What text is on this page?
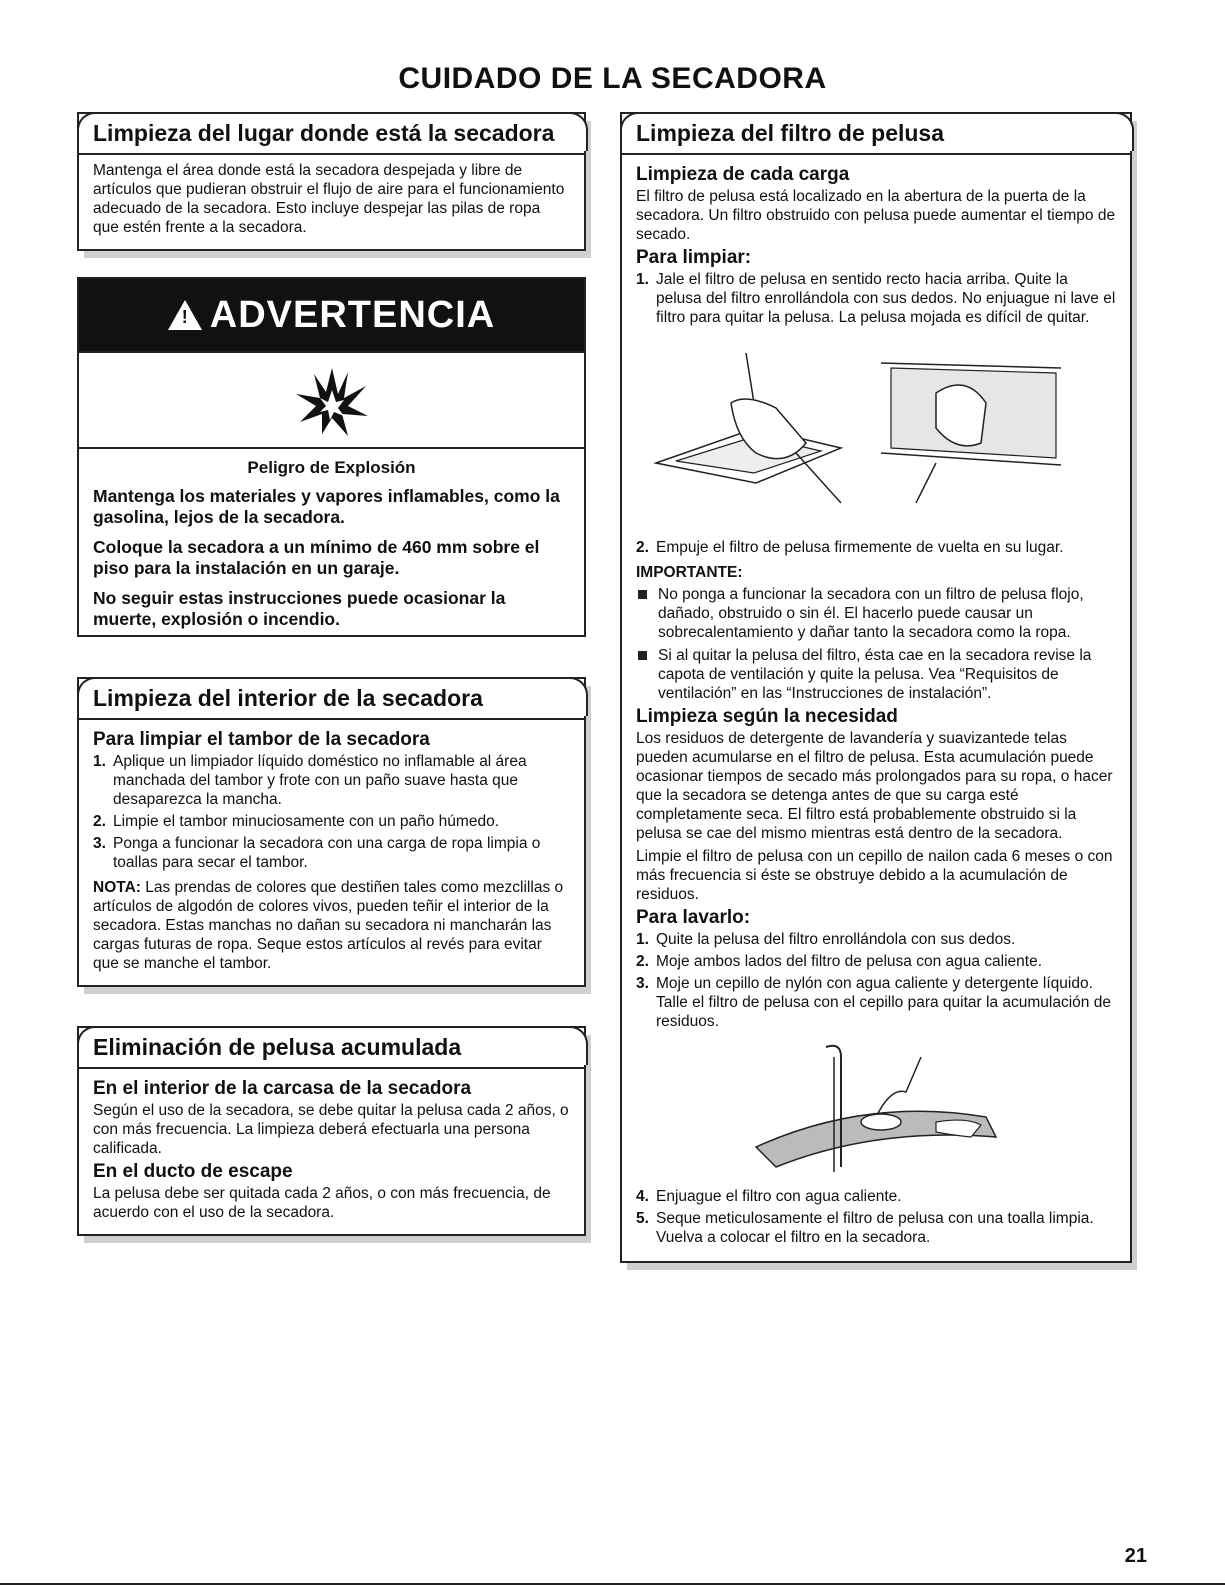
CUIDADO DE LA SECADORA
Limpieza del lugar donde está la secadora

Mantenga el área donde está la secadora despejada y libre de artículos que pudieran obstruir el flujo de aire para el funcionamiento adecuado de la secadora. Esto incluye despejar las pilas de ropa que estén frente a la secadora.

! ADVERTENCIA
Peligro de Explosión

Mantenga los materiales y vapores inflamables, como la gasolina, lejos de la secadora.

Coloque la secadora a un mínimo de 460 mm sobre el piso para la instalación en un garaje.

No seguir estas instrucciones puede ocasionar la muerte, explosión o incendio.

Limpieza del interior de la secadora
Para limpiar el tambor de la secadora
1. Aplique un limpiador líquido doméstico no inflamable al área manchada del tambor y frote con un paño suave hasta que desaparezca la mancha.
2. Limpie el tambor minuciosamente con un paño húmedo.
3. Ponga a funcionar la secadora con una carga de ropa limpia o toallas para secar el tambor.

NOTA: Las prendas de colores que destiñen tales como mezclillas o artículos de algodón de colores vivos, pueden teñir el interior de la secadora. Estas manchas no dañan su secadora ni mancharán las cargas futuras de ropa. Seque estos artículos al revés para evitar que se manche el tambor.

Eliminación de pelusa acumulada
En el interior de la carcasa de la secadora

Según el uso de la secadora, se debe quitar la pelusa cada 2 años, o con más frecuencia. La limpieza deberá efectuarla una persona calificada.

En el ducto de escape

La pelusa debe ser quitada cada 2 años, o con más frecuencia, de acuerdo con el uso de la secadora.

Limpieza del filtro de pelusa
Limpieza de cada carga

El filtro de pelusa está localizado en la abertura de la puerta de la secadora. Un filtro obstruido con pelusa puede aumentar el tiempo de secado.

Para limpiar:
1. Jale el filtro de pelusa en sentido recto hacia arriba. Quite la pelusa del filtro enrollándola con sus dedos. No enjuague ni lave el filtro para quitar la pelusa. La pelusa mojada es difícil de quitar.
2. Empuje el filtro de pelusa firmemente de vuelta en su lugar.
IMPORTANTE:
No ponga a funcionar la secadora con un filtro de pelusa flojo, dañado, obstruido o sin él. El hacerlo puede causar un sobrecalentamiento y dañar tanto la secadora como la ropa.
Si al quitar la pelusa del filtro, ésta cae en la secadora revise la capota de ventilación y quite la pelusa. Vea “Requisitos de ventilación” en las “Instrucciones de instalación”.
Limpieza según la necesidad

Los residuos de detergente de lavandería y suavizantede telas pueden acumularse en el filtro de pelusa. Esta acumulación puede ocasionar tiempos de secado más prolongados para su ropa, o hacer que la secadora se detenga antes de que su carga esté completamente seca. El filtro está probablemente obstruido si la pelusa se cae del mismo mientras está dentro de la secadora.

Limpie el filtro de pelusa con un cepillo de nailon cada 6 meses o con más frecuencia si éste se obstruye debido a la acumulación de residuos.

Para lavarlo:
1. Quite la pelusa del filtro enrollándola con sus dedos.
2. Moje ambos lados del filtro de pelusa con agua caliente.
3. Moje un cepillo de nylón con agua caliente y detergente líquido. Talle el filtro de pelusa con el cepillo para quitar la acumulación de residuos.
4. Enjuague el filtro con agua caliente.
5. Seque meticulosamente el filtro de pelusa con una toalla limpia. Vuelva a colocar el filtro en la secadora.
21
